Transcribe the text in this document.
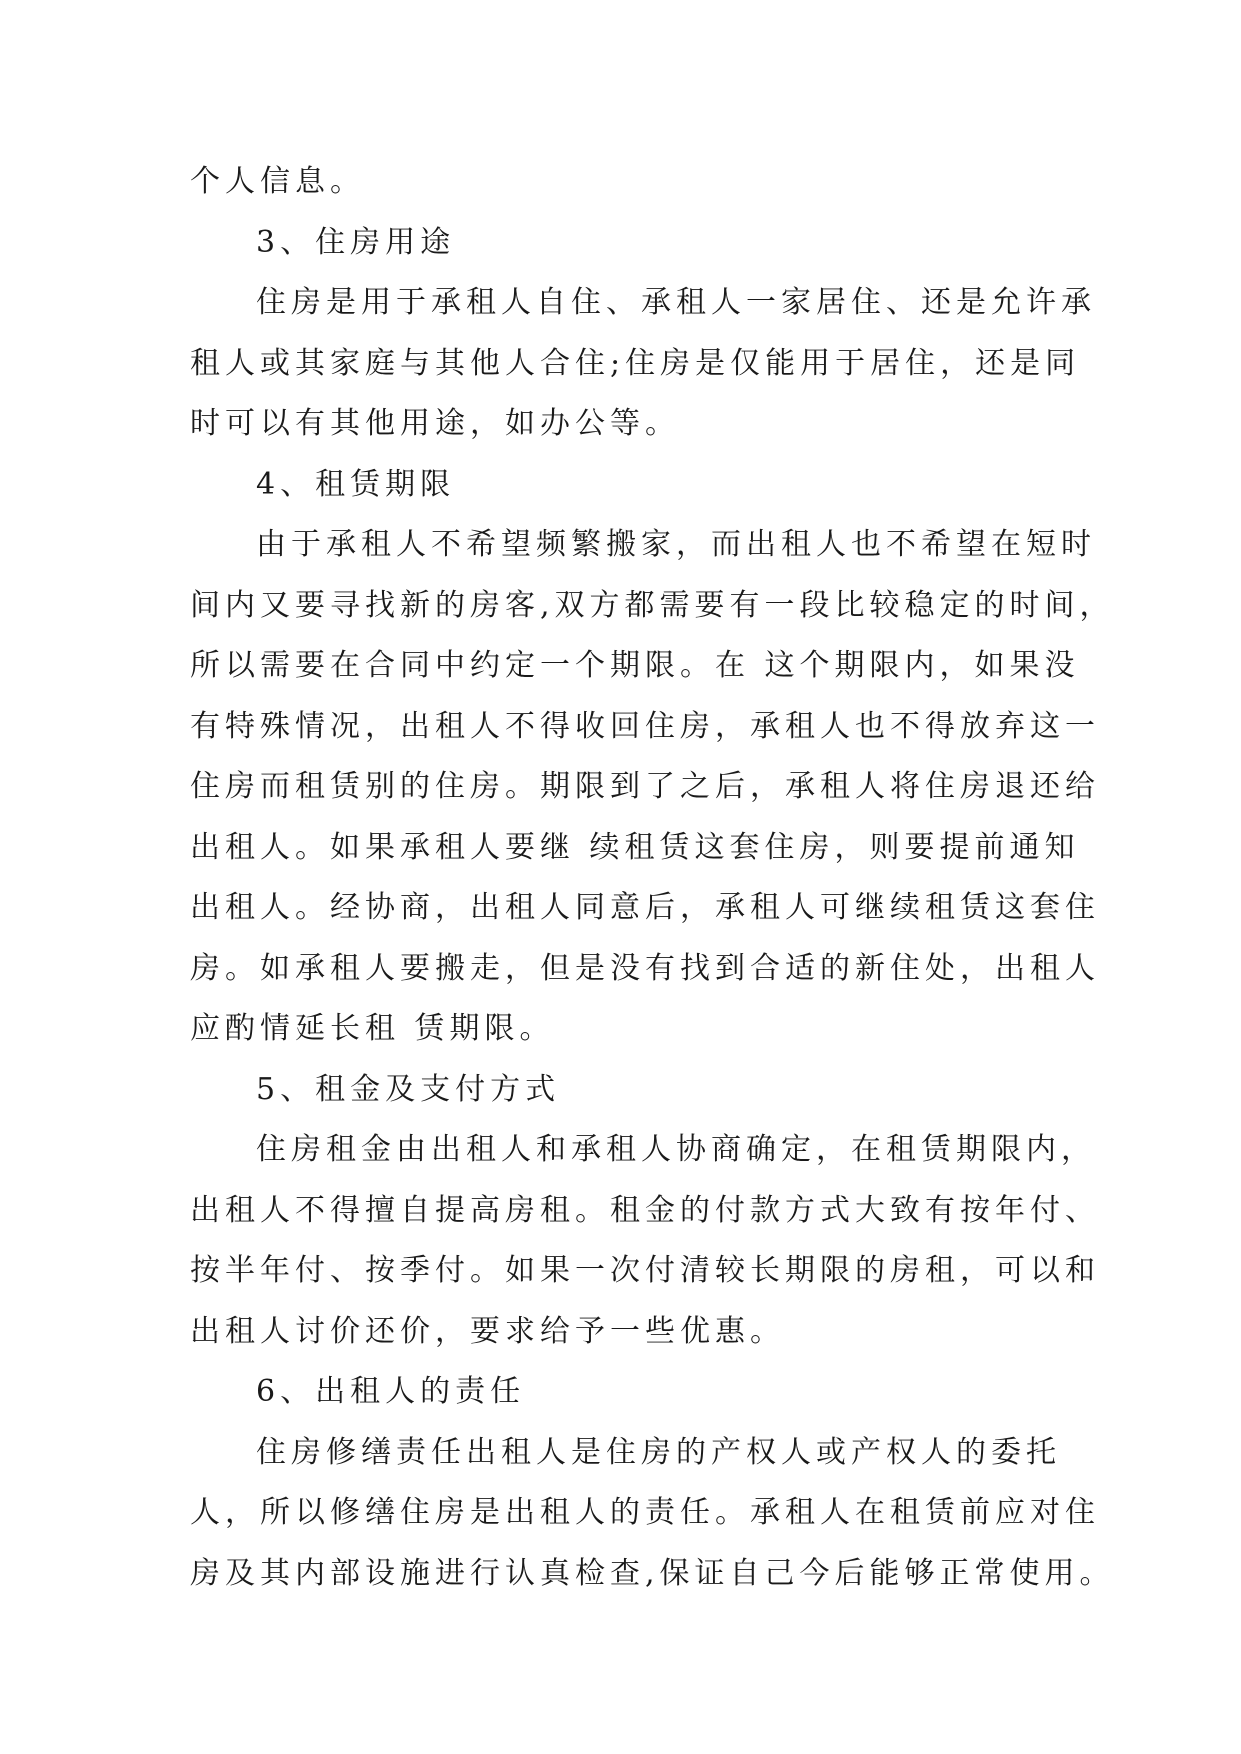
个人信息。
3、住房用途
住房是用于承租人自住、承租人一家居住、还是允许承
租人或其家庭与其他人合住;住房是仅能用于居住，还是同
时可以有其他用途，如办公等。
4、租赁期限
由于承租人不希望频繁搬家，而出租人也不希望在短时
间内又要寻找新的房客,双方都需要有一段比较稳定的时间，
所以需要在合同中约定一个期限。在 这个期限内，如果没
有特殊情况，出租人不得收回住房，承租人也不得放弃这一
住房而租赁别的住房。期限到了之后，承租人将住房退还给
出租人。如果承租人要继 续租赁这套住房，则要提前通知
出租人。经协商，出租人同意后，承租人可继续租赁这套住
房。如承租人要搬走，但是没有找到合适的新住处，出租人
应酌情延长租 赁期限。
5、租金及支付方式
住房租金由出租人和承租人协商确定，在租赁期限内，
出租人不得擅自提高房租。租金的付款方式大致有按年付、
按半年付、按季付。如果一次付清较长期限的房租，可以和
出租人讨价还价，要求给予一些优惠。
6、出租人的责任
住房修缮责任出租人是住房的产权人或产权人的委托
人，所以修缮住房是出租人的责任。承租人在租赁前应对住
房及其内部设施进行认真检查,保证自己今后能够正常使用。
